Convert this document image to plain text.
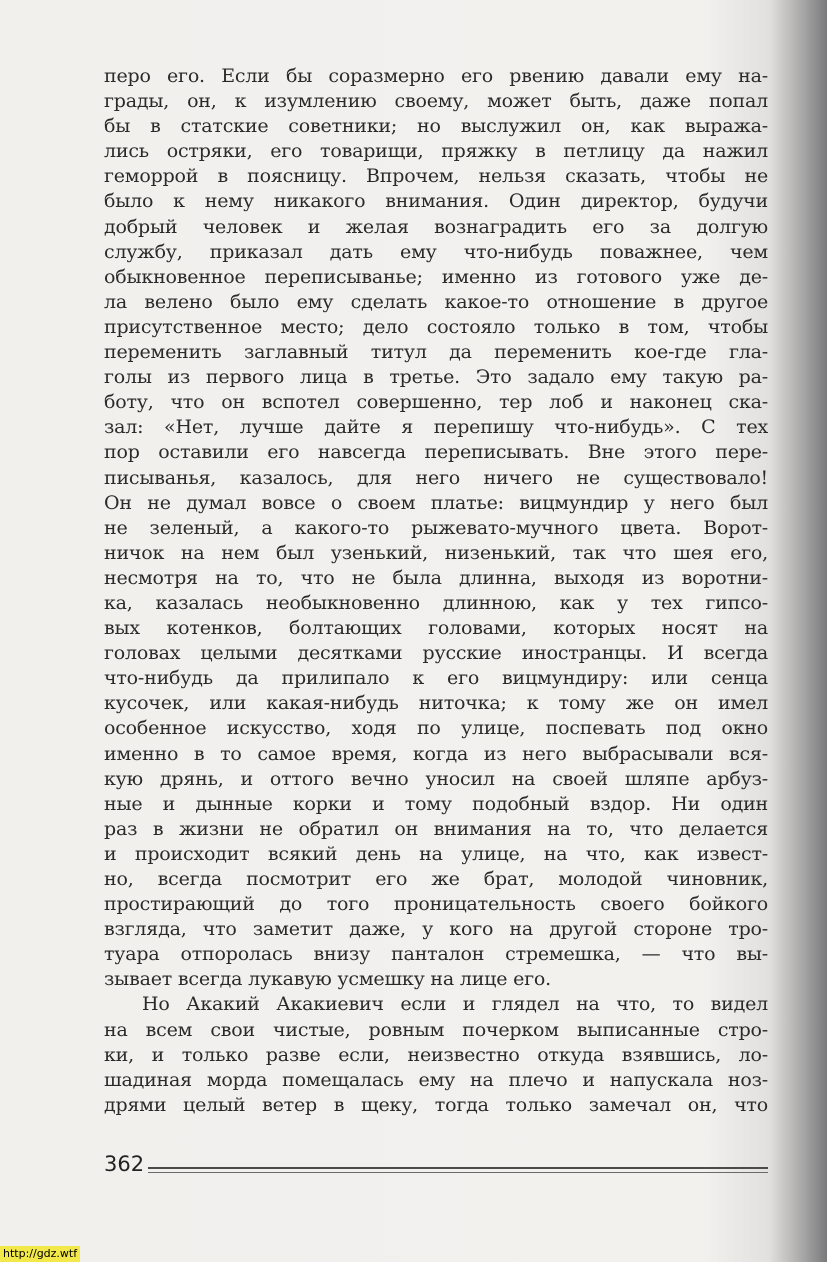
перо его. Если бы соразмерно его рвению давали ему на-
грады, он, к изумлению своему, может быть, даже попал
бы в статские советники; но выслужил он, как выража-
лись остряки, его товарищи, пряжку в петлицу да нажил
геморрой в поясницу. Впрочем, нельзя сказать, чтобы не
было к нему никакого внимания. Один директор, будучи
добрый человек и желая вознаградить его за долгую
службу, приказал дать ему что-нибудь поважнее, чем
обыкновенное переписыванье; именно из готового уже де-
ла велено было ему сделать какое-то отношение в другое
присутственное место; дело состояло только в том, чтобы
переменить заглавный титул да переменить кое-где гла-
голы из первого лица в третье. Это задало ему такую ра-
боту, что он вспотел совершенно, тер лоб и наконец ска-
зал: «Нет, лучше дайте я перепишу что-нибудь». С тех
пор оставили его навсегда переписывать. Вне этого пере-
писыванья, казалось, для него ничего не существовало!
Он не думал вовсе о своем платье: вицмундир у него был
не зеленый, а какого-то рыжевато-мучного цвета. Ворот-
ничок на нем был узенький, низенький, так что шея его,
несмотря на то, что не была длинна, выходя из воротни-
ка, казалась необыкновенно длинною, как у тех гипсо-
вых котенков, болтающих головами, которых носят на
головах целыми десятками русские иностранцы. И всегда
что-нибудь да прилипало к его вицмундиру: или сенца
кусочек, или какая-нибудь ниточка; к тому же он имел
особенное искусство, ходя по улице, поспевать под окно
именно в то самое время, когда из него выбрасывали вся-
кую дрянь, и оттого вечно уносил на своей шляпе арбуз-
ные и дынные корки и тому подобный вздор. Ни один
раз в жизни не обратил он внимания на то, что делается
и происходит всякий день на улице, на что, как извест-
но, всегда посмотрит его же брат, молодой чиновник,
простирающий до того проницательность своего бойкого
взгляда, что заметит даже, у кого на другой стороне тро-
туара отпоролась внизу панталон стремешка, — что вы-
зывает всегда лукавую усмешку на лице его.
Но Акакий Акакиевич если и глядел на что, то видел
на всем свои чистые, ровным почерком выписанные стро-
ки, и только разве если, неизвестно откуда взявшись, ло-
шадиная морда помещалась ему на плечо и напускала ноз-
дрями целый ветер в щеку, тогда только замечал он, что
362
http://gdz.wtf
